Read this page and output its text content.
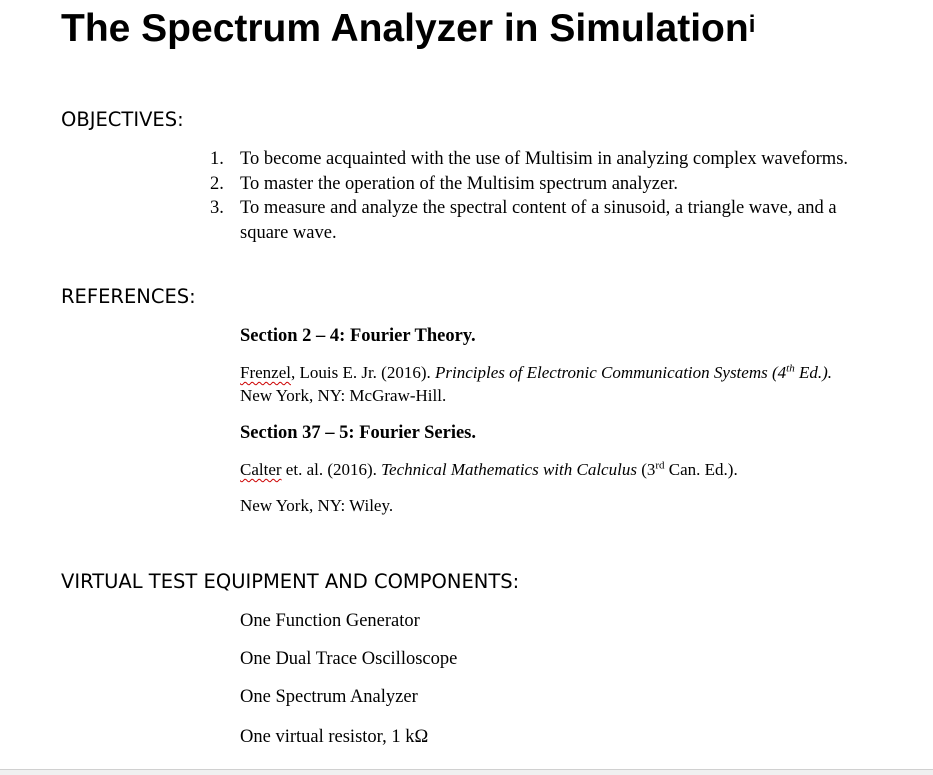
The Spectrum Analyzer in Simulation$^i$
OBJECTIVES:
1. To become acquainted with the use of Multisim in analyzing complex waveforms.
2. To master the operation of the Multisim spectrum analyzer.
3. To measure and analyze the spectral content of a sinusoid, a triangle wave, and a square wave.
REFERENCES:
Section 2 – 4: Fourier Theory.
Frenzel, Louis E. Jr. (2016). Principles of Electronic Communication Systems (4th Ed.). New York, NY: McGraw-Hill.
Section 37 – 5: Fourier Series.
Calter et. al. (2016). Technical Mathematics with Calculus (3rd Can. Ed.).
New York, NY: Wiley.
VIRTUAL TEST EQUIPMENT AND COMPONENTS:
One Function Generator
One Dual Trace Oscilloscope
One Spectrum Analyzer
One virtual resistor, 1 kΩ
